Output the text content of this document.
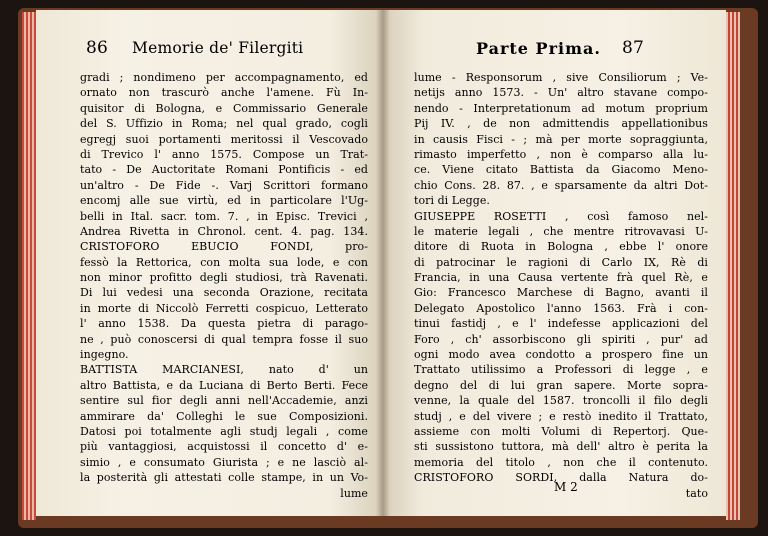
86 Memorie de' Filergiti
gradi ; nondimeno per accompagnamento, ed
ornato non trascurò anche l'amene. Fù In-
quisitor di Bologna, e Commissario Generale
del S. Uffizio in Roma; nel qual grado, cogli
egregj suoi portamenti meritossi il Vescovado
di Trevico l' anno 1575. Compose un Trat-
tato - De Auctoritate Romani Pontificis - ed
un'altro - De Fide -. Varj Scrittori formano
encomj alle sue virtù, ed in particolare l'Ug-
belli in Ital. sacr. tom. 7. , in Episc. Trevici ,
Andrea Rivetta in Chronol. cent. 4. pag. 134.
CRISTOFORO EBUCIO FONDI, pro-
fessò la Rettorica, con molta sua lode, e con
non minor profitto degli studiosi, trà Ravenati.
Di lui vedesi una seconda Orazione, recitata
in morte di Niccolò Ferretti cospicuo, Letterato
l' anno 1538. Da questa pietra di parago-
ne , può conoscersi di qual tempra fosse il suo
ingegno.
BATTISTA MARCIANESI, nato d' un
altro Battista, e da Luciana di Berto Berti. Fece
sentire sul fior degli anni nell'Accademie, anzi
ammirare da' Colleghi le sue Composizioni.
Datosi poi totalmente agli studj legali , come
più vantaggiosi, acquistossi il concetto d' e-
simio , e consumato Giurista ; e ne lasciò al-
la posterità gli attestati colle stampe, in un Vo-
lume
Parte Prima. 87
lume - Responsorum , sive Consiliorum ; Ve-
netijs anno 1573. - Un' altro stavane compo-
nendo - Interpretationum ad motum proprium
Pij IV. , de non admittendis appellationibus
in causis Fisci - ; mà per morte sopraggiunta,
rimasto imperfetto , non è comparso alla lu-
ce. Viene citato Battista da Giacomo Meno-
chio Cons. 28. 87. , e sparsamente da altri Dot-
tori di Legge.
GIUSEPPE ROSETTI , così famoso nel-
le materie legali , che mentre ritrovavasi U-
ditore di Ruota in Bologna , ebbe l' onore
di patrocinar le ragioni di Carlo IX, Rè di
Francia, in una Causa vertente frà quel Rè, e
Gio: Francesco Marchese di Bagno, avanti il
Delegato Apostolico l'anno 1563. Frà i con-
tinui fastidj , e l' indefesse applicazioni del
Foro , ch' assorbiscono gli spiriti , pur' ad
ogni modo avea condotto a prospero fine un
Trattato utilissimo a Professori di legge , e
degno del di lui gran sapere. Morte sopra-
venne, la quale del 1587. troncolli il filo degli
studj , e del vivere ; e restò inedito il Trattato,
assieme con molti Volumi di Repertorj. Que-
sti sussistono tuttora, mà dell' altro è perita la
memoria del titolo , non che il contenuto.
CRISTOFORO SORDI, dalla Natura do-
tato
M 2
